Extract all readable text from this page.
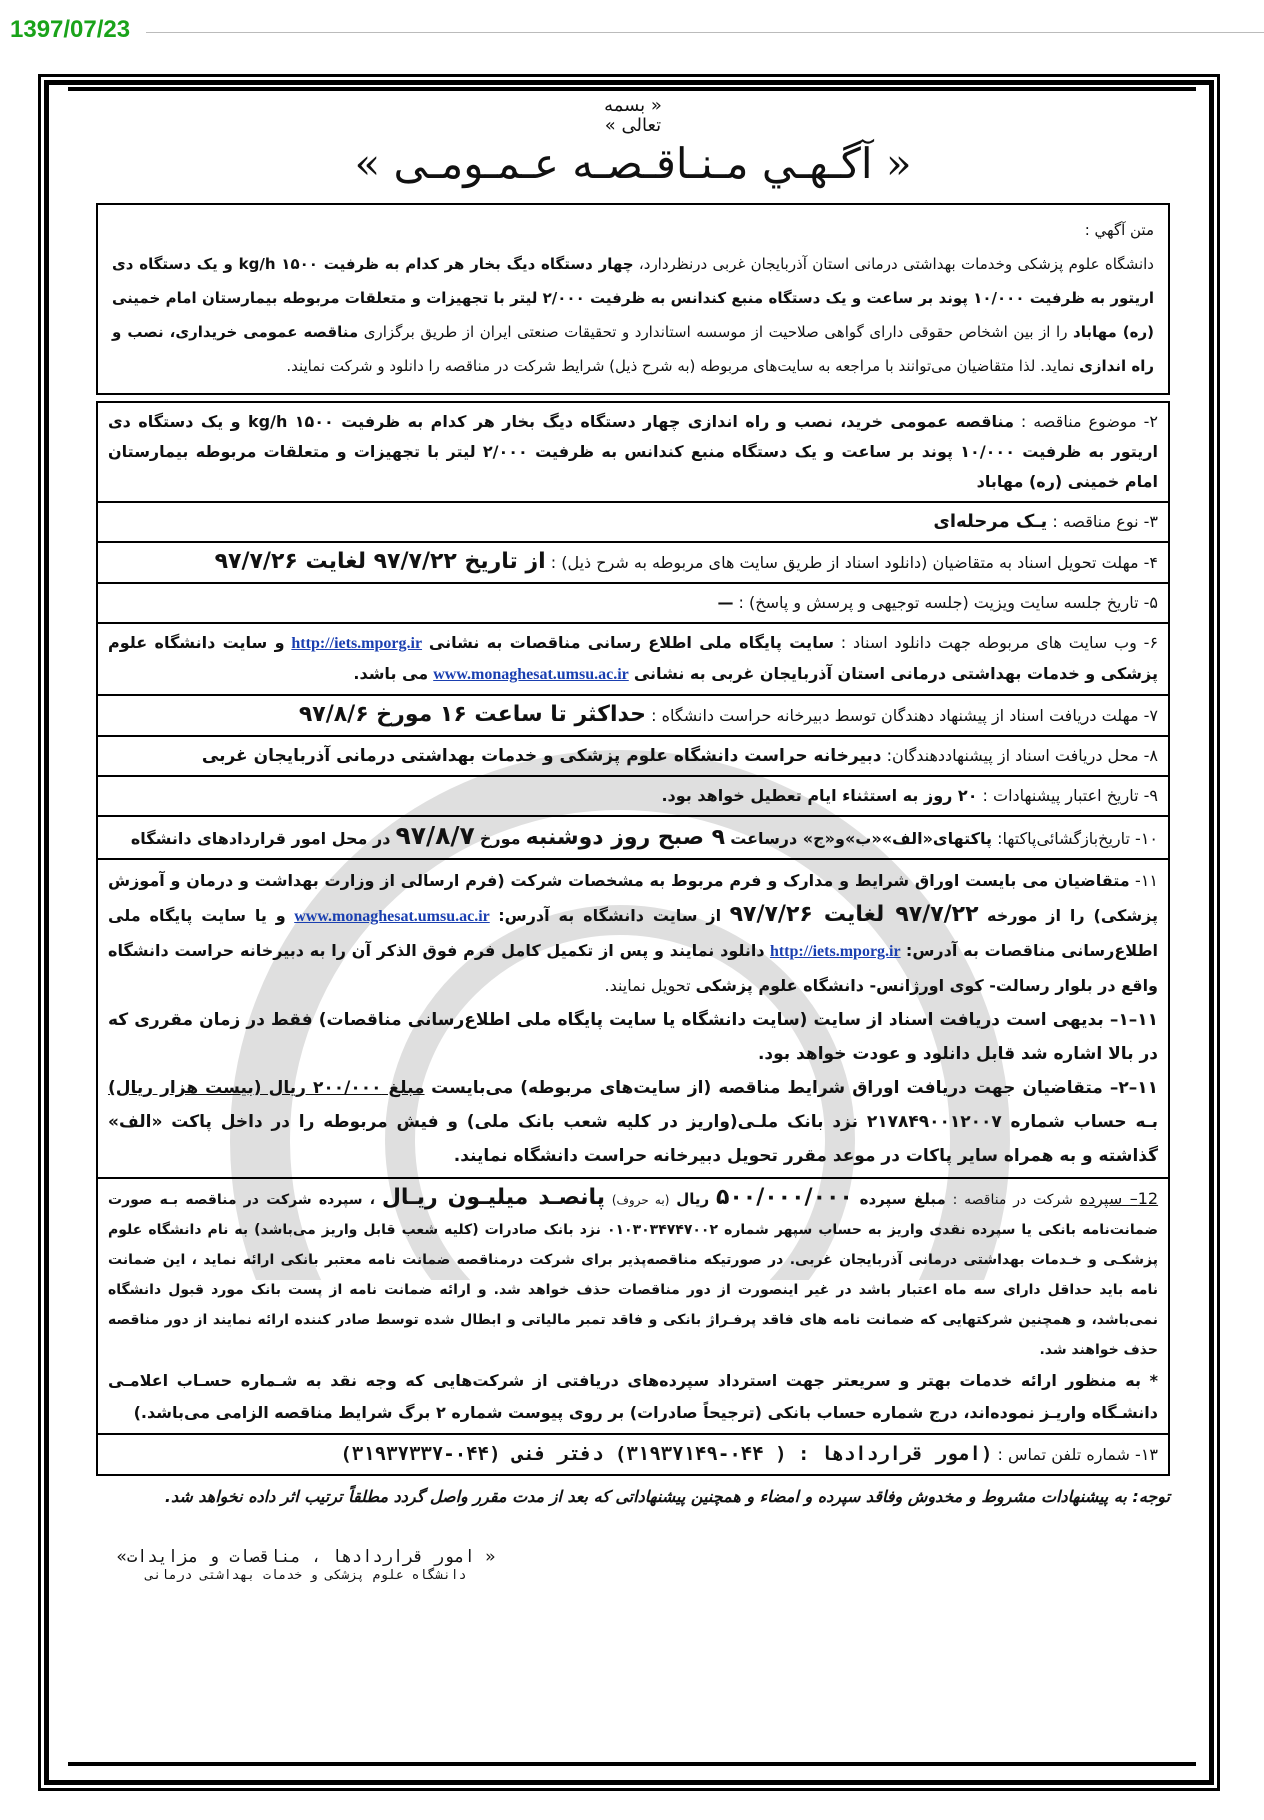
1397/07/23
« بسمه
تعالی »
« آگـهـي مـنـاقـصـه عـمـومـی »
متن آگهي :
دانشگاه علوم پزشکی وخدمات بهداشتی درمانی استان آذربایجان غربی درنظردارد، چهار دستگاه دیگ بخار هر کدام به ظرفیت kg/h ۱۵۰۰ و یک دستگاه دی اریتور به ظرفیت ۱۰/۰۰۰ پوند بر ساعت و یک دستگاه منبع کندانس به ظرفیت ۲/۰۰۰ لیتر با تجهیزات و متعلقات مربوطه بیمارستان امام خمینی (ره) مهاباد را از بین اشخاص حقوقی دارای گواهی صلاحیت از موسسه استاندارد و تحقیقات صنعتی ایران از طریق برگزاری مناقصه عمومی خریداری، نصب و راه اندازی نماید. لذا متقاضیان می‌توانند با مراجعه به سایت‌های مربوطه (به شرح ذیل) شرایط شرکت در مناقصه را دانلود و شرکت نمایند.
۲- موضوع مناقصه : مناقصه عمومی خرید، نصب و راه اندازی چهار دستگاه دیگ بخار هر کدام به ظرفیت kg/h ۱۵۰۰ و یک دستگاه دی اریتور به ظرفیت ۱۰/۰۰۰ پوند بر ساعت و یک دستگاه منبع کندانس به ظرفیت ۲/۰۰۰ لیتر با تجهیزات و متعلقات مربوطه بیمارستان امام خمینی (ره) مهاباد
۳- نوع مناقصه : یـک مرحله‌ای
۴- مهلت تحویل اسناد به متقاضیان (دانلود اسناد از طریق سایت های مربوطه به شرح ذیل) : از تاریخ ۹۷/۷/۲۲ لغایت ۹۷/۷/۲۶
۵- تاریخ جلسه سایت ویزیت (جلسه توجیهی و پرسش و پاسخ) : —
۶- وب سایت های مربوطه جهت دانلود اسناد : سایت پایگاه ملی اطلاع رسانی مناقصات به نشانی http://iets.mporg.ir و سایت دانشگاه علوم پزشکی و خدمات بهداشتی درمانی استان آذربایجان غربی به نشانی www.monaghesat.umsu.ac.ir می باشد.
۷- مهلت دریافت اسناد از پیشنهاد دهندگان توسط دبیرخانه حراست دانشگاه : حداکثر تا ساعت ۱۶ مورخ ۹۷/۸/۶
۸- محل دریافت اسناد از پیشنهاددهندگان: دبیرخانه حراست دانشگاه علوم پزشکی و خدمات بهداشتی درمانی آذربایجان غربی
۹- تاریخ اعتبار پیشنهادات : ۲۰ روز به استثناء ایام تعطیل خواهد بود.
۱۰- تاریخ‌بازگشائی‌پاکتها: پاکتهای«الف»«ب»و«ج» درساعت ۹ صبح روز دوشنبه مورخ ۹۷/۸/۷ در محل امور قراردادهای دانشگاه
۱۱- متقاضیان می بایست اوراق شرایط و مدارک و فرم مربوط به مشخصات شرکت (فرم ارسالی از وزارت بهداشت و درمان و آموزش پزشکی) را از مورخه ۹۷/۷/۲۲ لغایت ۹۷/۷/۲۶ از سایت دانشگاه به آدرس: www.monaghesat.umsu.ac.ir و یا سایت پایگاه ملی اطلاع‌رسانی مناقصات به آدرس: http://iets.mporg.ir دانلود نمایند و پس از تکمیل کامل فرم فوق الذکر آن را به دبیرخانه حراست دانشگاه واقع در بلوار رسالت- کوی اورژانس- دانشگاه علوم پزشکی تحویل نمایند.
۱۱–۱– بدیهی است دریافت اسناد از سایت (سایت دانشگاه یا سایت پایگاه ملی اطلاع‌رسانی مناقصات) فقط در زمان مقرری که در بالا اشاره شد قابل دانلود و عودت خواهد بود.
۱۱–۲– متقاضیان جهت دریافت اوراق شرایط مناقصه (از سایت‌های مربوطه) می‌بایست مبلغ ۲۰۰/۰۰۰ ریال (بیست هزار ریال) بـه حساب شماره ۲۱۷۸۴۹۰۰۱۲۰۰۷ نزد بانک ملـی(واریز در کلیه شعب بانک ملی) و فیش مربوطه را در داخل پاکت «الف» گذاشته و به همراه سایر پاکات در موعد مقرر تحویل دبیرخانه حراست دانشگاه نمایند.
12– سپرده شرکت در مناقصه : مبلغ سپرده ۵۰۰/۰۰۰/۰۰۰ ریال (به حروف) پانصـد میلیـون ریـال ، سپرده شرکت در مناقصه بـه صورت ضمانت‌نامه بانکی یا سپرده نقدی واریز به حساب سپهر شماره ۰۱۰۳۰۳۴۷۴۷۰۰۲ نزد بانک صادرات (کلیه شعب قابل واریز می‌باشد) به نام دانشگاه علوم پزشکـی و خـدمات بهداشتی درمانی آذربایجان غربی. در صورتیکه مناقصه‌پذیر برای شرکت درمناقصه ضمانت نامه معتبر بانکی ارائه نماید ، این ضمانت نامه باید حداقل دارای سه ماه اعتبار باشد در غیر اینصورت از دور مناقصات حذف خواهد شد. و ارائه ضمانت نامه از پست بانک مورد قبول دانشگاه نمی‌باشد، و همچنین شرکتهایی که ضمانت نامه های فاقد پرفـراژ بانکی و فاقد تمبر مالیاتی و ابطال شده توسط صادر کننده ارائه نمایند از دور مناقصه حذف خواهند شد.
* به منظور ارائه خدمات بهتر و سریعتر جهت استرداد سپرده‌های دریافتی از شرکت‌هایی که وجه نقد به شـماره حسـاب اعلامـی دانشـگاه واریـز نموده‌اند، درج شماره حساب بانکی (ترجیحاً صادرات) بر روی پیوست شماره ۲ برگ شرایط مناقصه الزامی می‌باشد.)
۱۳- شماره تلفن تماس : (امور قراردادها : ( ۰۴۴-۳۱۹۳۷۱۴۹) دفتر فنی (۰۴۴-۳۱۹۳۷۳۳۷)
توجه: به پیشنهادات مشروط و مخدوش وفاقد سپرده و امضاء و همچنین پیشنهاداتی که بعد از مدت مقرر واصل گردد مطلقاً ترتیب اثر داده نخواهد شد.
« امور قراردادها ، مناقصات و مزایدات»
دانشگاه علوم پزشکی و خدمات بهداشتی درمانی
